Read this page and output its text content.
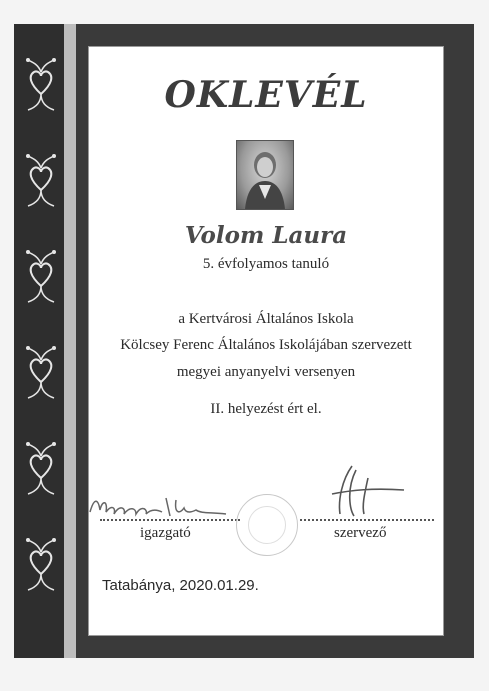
OKLEVÉL
Volom Laura
5. évfolyamos tanuló
a Kertvárosi Általános Iskola
Kölcsey Ferenc Általános Iskolájában szervezett
megyei anyanyelvi versenyen
II. helyezést ért el.
igazgató	szervező
Tatabánya, 2020.01.29.
